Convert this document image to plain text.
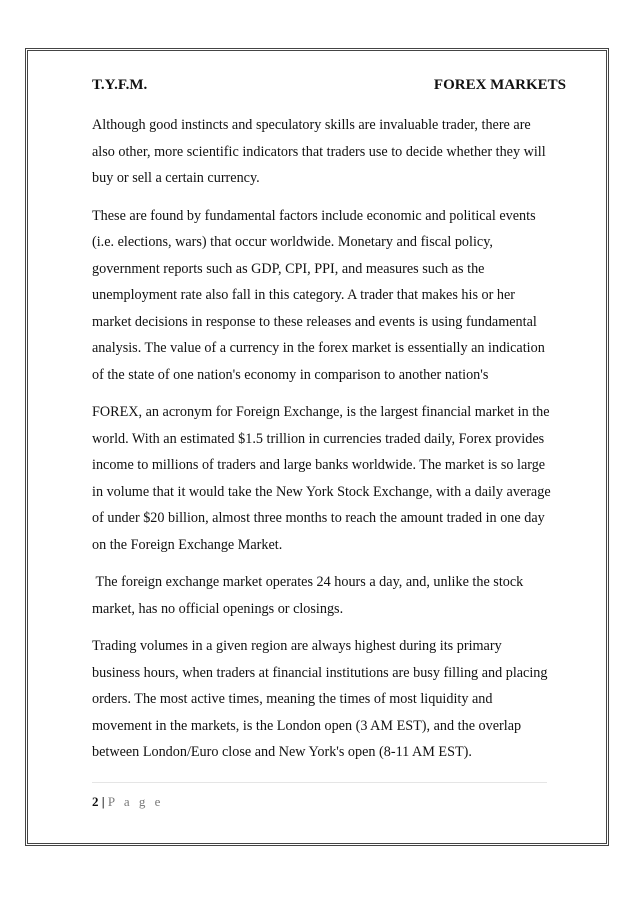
T.Y.F.M.	FOREX MARKETS

Although good instincts and speculatory skills are invaluable trader, there are also other, more scientific indicators that traders use to decide whether they will buy or sell a certain currency.

These are found by fundamental factors include economic and political events (i.e. elections, wars) that occur worldwide. Monetary and fiscal policy, government reports such as GDP, CPI, PPI, and measures such as the unemployment rate also fall in this category. A trader that makes his or her market decisions in response to these releases and events is using fundamental analysis. The value of a currency in the forex market is essentially an indication of the state of one nation's economy in comparison to another nation's

FOREX, an acronym for Foreign Exchange, is the largest financial market in the world. With an estimated $1.5 trillion in currencies traded daily, Forex provides income to millions of traders and large banks worldwide. The market is so large in volume that it would take the New York Stock Exchange, with a daily average of under $20 billion, almost three months to reach the amount traded in one day on the Foreign Exchange Market.

The foreign exchange market operates 24 hours a day, and, unlike the stock market, has no official openings or closings.

Trading volumes in a given region are always highest during its primary business hours, when traders at financial institutions are busy filling and placing orders. The most active times, meaning the times of most liquidity and movement in the markets, is the London open (3 AM EST), and the overlap between London/Euro close and New York's open (8-11 AM EST).

2 | P a g e
